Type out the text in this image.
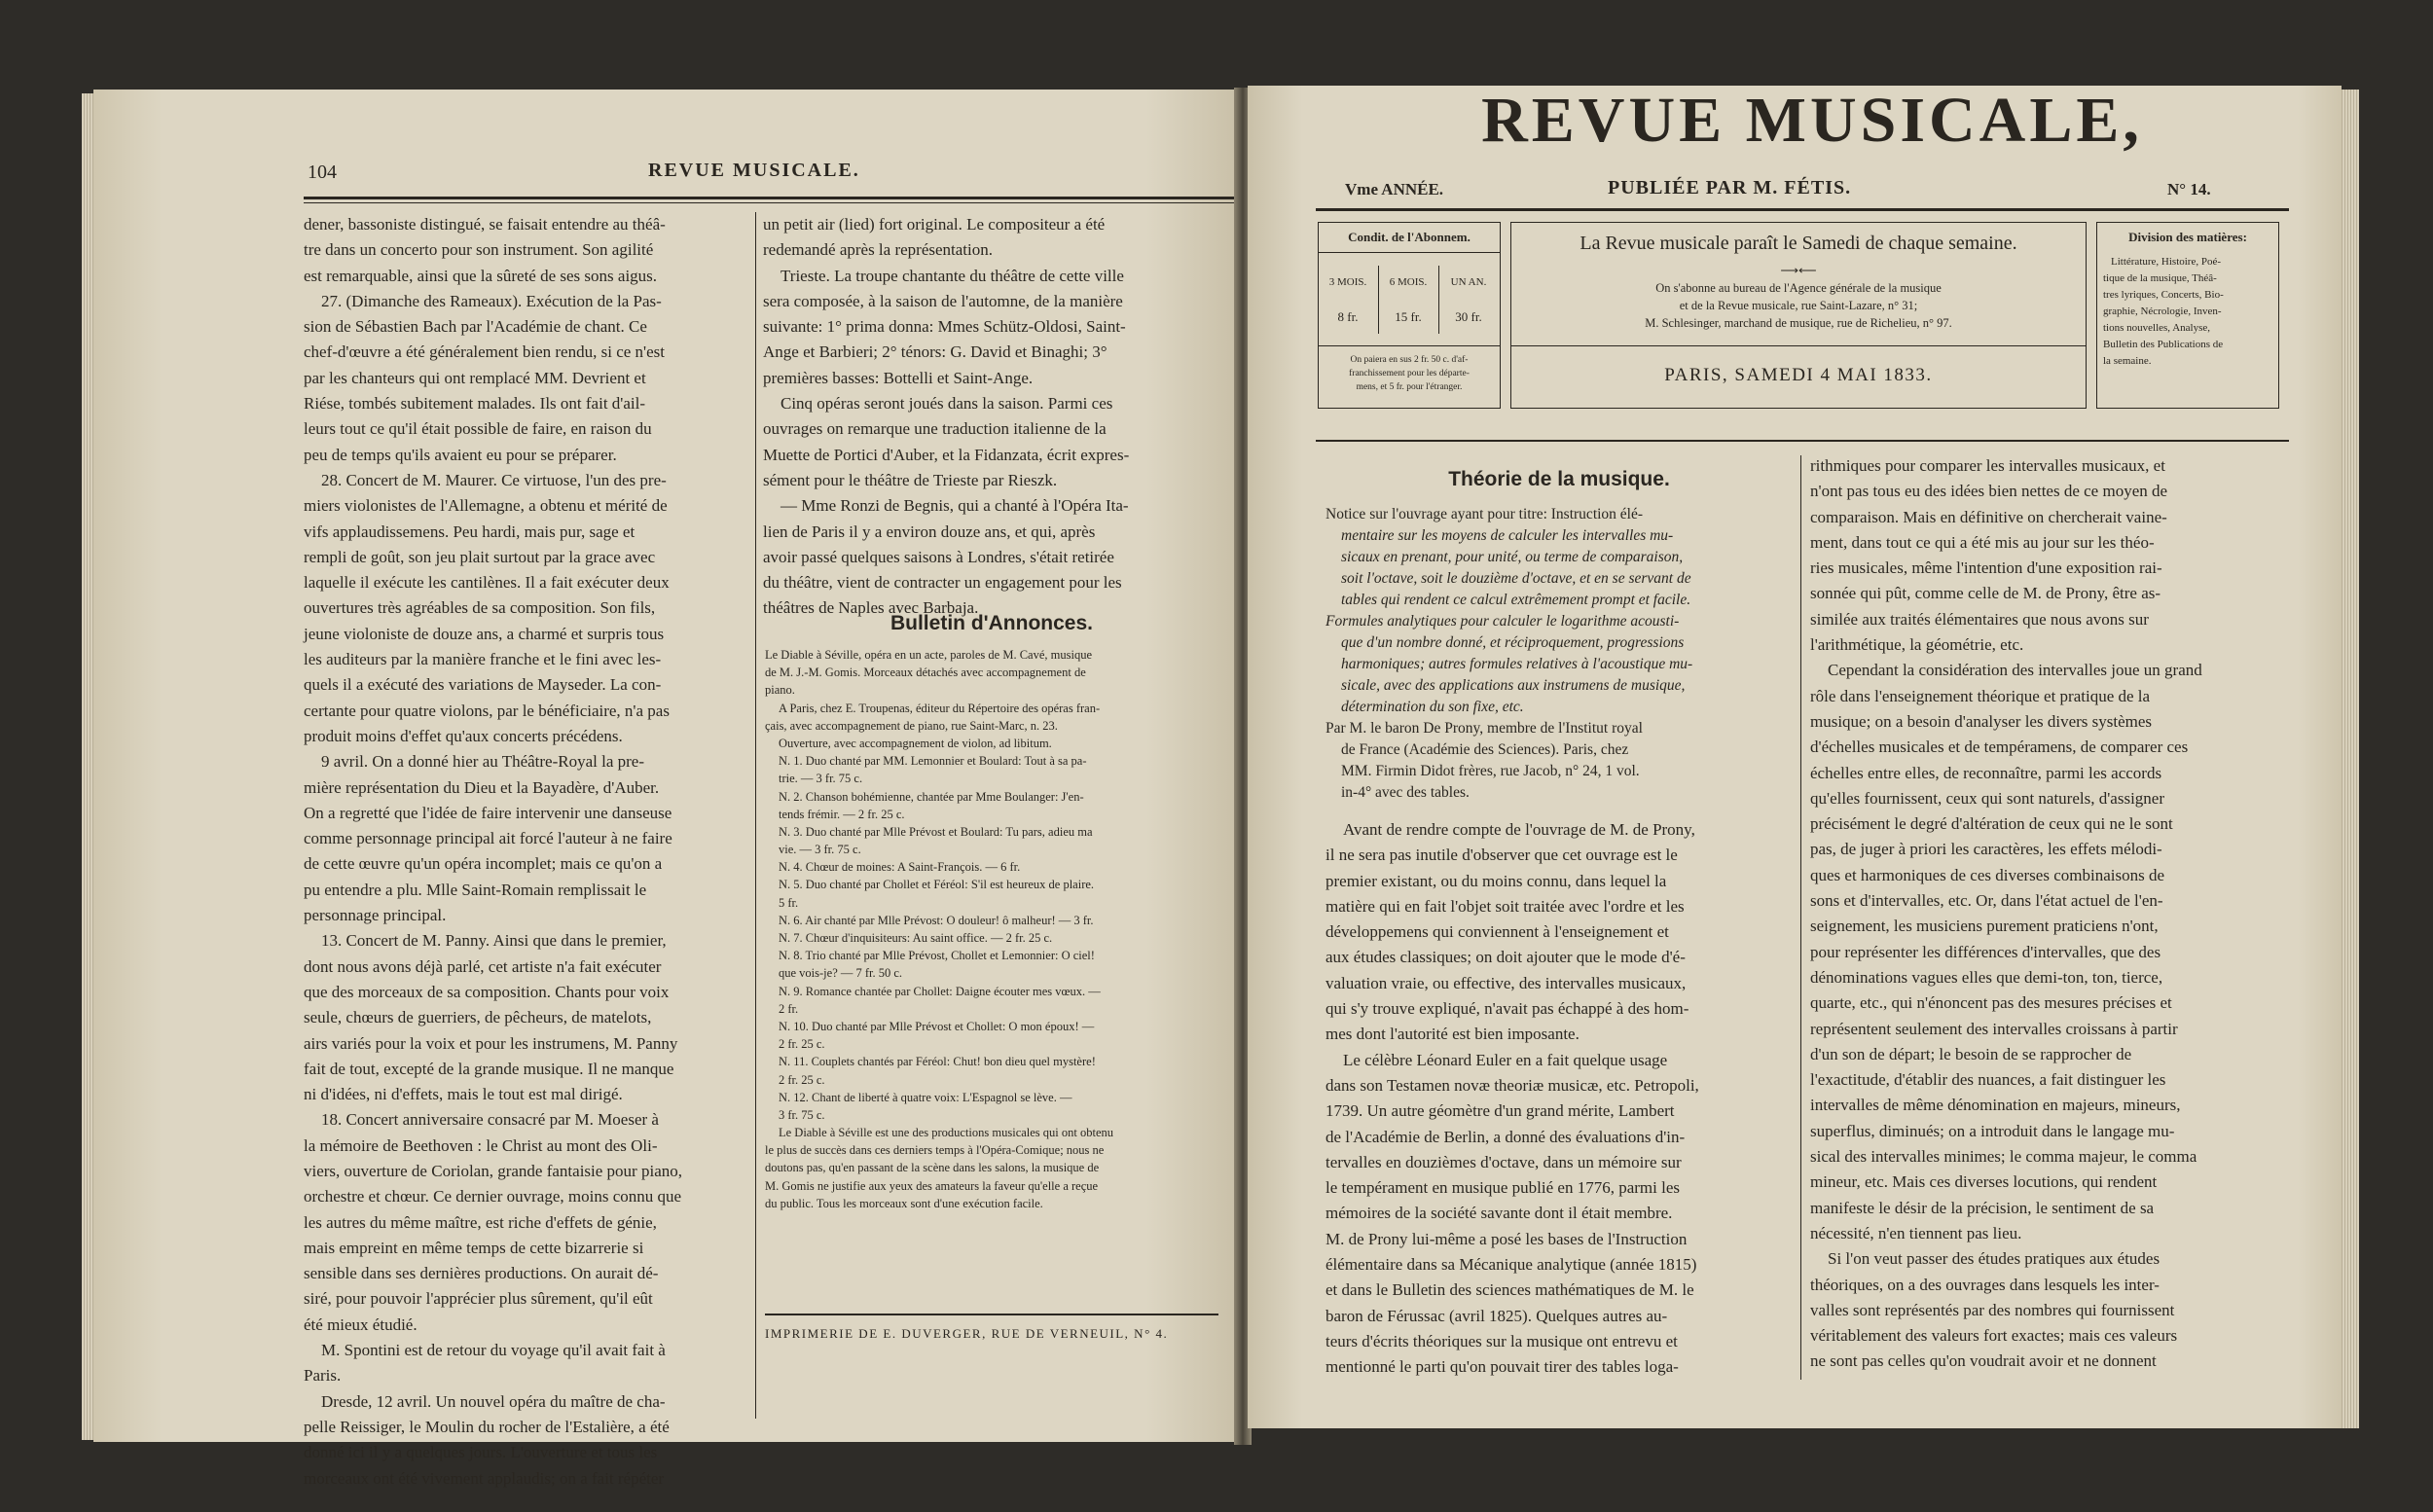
104	REVUE MUSICALE.
dener, bassoniste distingué, se faisait entendre au théâ-
tre dans un concerto pour son instrument. Son agilité
est remarquable, ainsi que la sûreté de ses sons aigus.
27. (Dimanche des Rameaux). Exécution de la Pas-
sion de Sébastien Bach par l'Académie de chant. Ce
chef-d'œuvre a été généralement bien rendu, si ce n'est
par les chanteurs qui ont remplacé MM. Devrient et
Riése, tombés subitement malades. Ils ont fait d'ail-
leurs tout ce qu'il était possible de faire, en raison du
peu de temps qu'ils avaient eu pour se préparer.
28. Concert de M. Maurer. Ce virtuose, l'un des pre-
miers violonistes de l'Allemagne, a obtenu et mérité de
vifs applaudissemens. Peu hardi, mais pur, sage et
rempli de goût, son jeu plait surtout par la grace avec
laquelle il exécute les cantilènes. Il a fait exécuter deux
ouvertures très agréables de sa composition. Son fils,
jeune violoniste de douze ans, a charmé et surpris tous
les auditeurs par la manière franche et le fini avec les-
quels il a exécuté des variations de Mayseder. La con-
certante pour quatre violons, par le bénéficiaire, n'a pas
produit moins d'effet qu'aux concerts précédens.
9 avril. On a donné hier au Théâtre-Royal la pre-
mière représentation du Dieu et la Bayadère, d'Auber.
On a regretté que l'idée de faire intervenir une danseuse
comme personnage principal ait forcé l'auteur à ne faire
de cette œuvre qu'un opéra incomplet; mais ce qu'on a
pu entendre a plu. Mlle Saint-Romain remplissait le
personnage principal.
13. Concert de M. Panny. Ainsi que dans le premier,
dont nous avons déjà parlé, cet artiste n'a fait exécuter
que des morceaux de sa composition. Chants pour voix
seule, chœurs de guerriers, de pêcheurs, de matelots,
airs variés pour la voix et pour les instrumens, M. Panny
fait de tout, excepté de la grande musique. Il ne manque
ni d'idées, ni d'effets, mais le tout est mal dirigé.
18. Concert anniversaire consacré par M. Moeser à
la mémoire de Beethoven : le Christ au mont des Oli-
viers, ouverture de Coriolan, grande fantaisie pour piano,
orchestre et chœur. Ce dernier ouvrage, moins connu que
les autres du même maître, est riche d'effets de génie,
mais empreint en même temps de cette bizarrerie si
sensible dans ses dernières productions. On aurait dé-
siré, pour pouvoir l'apprécier plus sûrement, qu'il eût
été mieux étudié.
M. Spontini est de retour du voyage qu'il avait fait à
Paris.
Dresde, 12 avril. Un nouvel opéra du maître de cha-
pelle Reissiger, le Moulin du rocher de l'Estalière, a été
donné ici il y a quelques jours. L'ouverture et tous les
morceaux ont été vivement applaudis; on a fait répéter
un petit air (lied) fort original. Le compositeur a été
redemandé après la représentation.
Trieste. La troupe chantante du théâtre de cette ville
sera composée, à la saison de l'automne, de la manière
suivante: 1° prima donna: Mmes Schütz-Oldosi, Saint-
Ange et Barbieri; 2° ténors: G. David et Binaghi; 3°
premières basses: Bottelli et Saint-Ange.
Cinq opéras seront joués dans la saison. Parmi ces
ouvrages on remarque une traduction italienne de la
Muette de Portici d'Auber, et la Fidanzata, écrit expres-
sément pour le théâtre de Trieste par Rieszk.
— Mme Ronzi de Begnis, qui a chanté à l'Opéra Ita-
lien de Paris il y a environ douze ans, et qui, après
avoir passé quelques saisons à Londres, s'était retirée
du théâtre, vient de contracter un engagement pour les
théâtres de Naples avec Barbaja.
Bulletin d'Annonces.
Le Diable à Séville, opéra en un acte, paroles de M. Cavé, musique
de M. J.-M. Gomis. Morceaux détachés avec accompagnement de
piano.
A Paris, chez E. Troupenas, éditeur du Répertoire des opéras fran-
çais, avec accompagnement de piano, rue Saint-Marc, n. 23.
Ouverture, avec accompagnement de violon, ad libitum.
N. 1. Duo chanté par MM. Lemonnier et Boulard: Tout à sa pa-
trie. — 3 fr. 75 c.
N. 2. Chanson bohémienne, chantée par Mme Boulanger: J'en-
tends frémir. — 2 fr. 25 c.
N. 3. Duo chanté par Mlle Prévost et Boulard: Tu pars, adieu ma
vie. — 3 fr. 75 c.
N. 4. Chœur de moines: A Saint-François. — 6 fr.
N. 5. Duo chanté par Chollet et Féréol: S'il est heureux de plaire.
5 fr.
N. 6. Air chanté par Mlle Prévost: O douleur! ô malheur! — 3 fr.
N. 7. Chœur d'inquisiteurs: Au saint office. — 2 fr. 25 c.
N. 8. Trio chanté par Mlle Prévost, Chollet et Lemonnier: O ciel!
que vois-je? — 7 fr. 50 c.
N. 9. Romance chantée par Chollet: Daigne écouter mes vœux. —
2 fr.
N. 10. Duo chanté par Mlle Prévost et Chollet: O mon époux! —
2 fr. 25 c.
N. 11. Couplets chantés par Féréol: Chut! bon dieu quel mystère!
2 fr. 25 c.
N. 12. Chant de liberté à quatre voix: L'Espagnol se lève. —
3 fr. 75 c.
Le Diable à Séville est une des productions musicales qui ont obtenu
le plus de succès dans ces derniers temps à l'Opéra-Comique; nous ne
doutons pas, qu'en passant de la scène dans les salons, la musique de
M. Gomis ne justifie aux yeux des amateurs la faveur qu'elle a reçue
du public. Tous les morceaux sont d'une exécution facile.
IMPRIMERIE DE E. DUVERGER, RUE DE VERNEUIL, N° 4.
REVUE MUSICALE,
Vme ANNÉE.	PUBLIÉE PAR M. FÉTIS.	N° 14.
Condit. de l'Abonnem.
3 MOIS.	6 MOIS.	UN AN.
8 fr.	15 fr.	30 fr.
On paiera en sus 2 fr. 50 c. d'af-
franchissement pour les départe-
mens, et 5 fr. pour l'étranger.
La Revue musicale paraît le Samedi de chaque semaine.
⟶⟵
On s'abonne au bureau de l'Agence générale de la musique
et de la Revue musicale, rue Saint-Lazare, n° 31;
M. Schlesinger, marchand de musique, rue de Richelieu, n° 97.
PARIS, SAMEDI 4 MAI 1833.
Division des matières:
Littérature, Histoire, Poé-
tique de la musique, Théâ-
tres lyriques, Concerts, Bio-
graphie, Nécrologie, Inven-
tions nouvelles, Analyse,
Bulletin des Publications de
la semaine.
Théorie de la musique.
Notice sur l'ouvrage ayant pour titre: Instruction élé-
mentaire sur les moyens de calculer les intervalles mu-
sicaux en prenant, pour unité, ou terme de comparaison,
soit l'octave, soit le douzième d'octave, et en se servant de
tables qui rendent ce calcul extrêmement prompt et facile.
Formules analytiques pour calculer le logarithme acousti-
que d'un nombre donné, et réciproquement, progressions
harmoniques; autres formules relatives à l'acoustique mu-
sicale, avec des applications aux instrumens de musique,
détermination du son fixe, etc.
Par M. le baron De Prony, membre de l'Institut royal
de France (Académie des Sciences). Paris, chez
MM. Firmin Didot frères, rue Jacob, n° 24, 1 vol.
in-4° avec des tables.
Avant de rendre compte de l'ouvrage de M. de Prony,
il ne sera pas inutile d'observer que cet ouvrage est le
premier existant, ou du moins connu, dans lequel la
matière qui en fait l'objet soit traitée avec l'ordre et les
développemens qui conviennent à l'enseignement et
aux études classiques; on doit ajouter que le mode d'é-
valuation vraie, ou effective, des intervalles musicaux,
qui s'y trouve expliqué, n'avait pas échappé à des hom-
mes dont l'autorité est bien imposante.
Le célèbre Léonard Euler en a fait quelque usage
dans son Testamen novæ theoriæ musicæ, etc. Petropoli,
1739. Un autre géomètre d'un grand mérite, Lambert
de l'Académie de Berlin, a donné des évaluations d'in-
tervalles en douzièmes d'octave, dans un mémoire sur
le tempérament en musique publié en 1776, parmi les
mémoires de la société savante dont il était membre.
M. de Prony lui-même a posé les bases de l'Instruction
élémentaire dans sa Mécanique analytique (année 1815)
et dans le Bulletin des sciences mathématiques de M. le
baron de Férussac (avril 1825). Quelques autres au-
teurs d'écrits théoriques sur la musique ont entrevu et
mentionné le parti qu'on pouvait tirer des tables loga-
rithmiques pour comparer les intervalles musicaux, et
n'ont pas tous eu des idées bien nettes de ce moyen de
comparaison. Mais en définitive on chercherait vaine-
ment, dans tout ce qui a été mis au jour sur les théo-
ries musicales, même l'intention d'une exposition rai-
sonnée qui pût, comme celle de M. de Prony, être as-
similée aux traités élémentaires que nous avons sur
l'arithmétique, la géométrie, etc.
Cependant la considération des intervalles joue un grand
rôle dans l'enseignement théorique et pratique de la
musique; on a besoin d'analyser les divers systèmes
d'échelles musicales et de tempéramens, de comparer ces
échelles entre elles, de reconnaître, parmi les accords
qu'elles fournissent, ceux qui sont naturels, d'assigner
précisément le degré d'altération de ceux qui ne le sont
pas, de juger à priori les caractères, les effets mélodi-
ques et harmoniques de ces diverses combinaisons de
sons et d'intervalles, etc. Or, dans l'état actuel de l'en-
seignement, les musiciens purement praticiens n'ont,
pour représenter les différences d'intervalles, que des
dénominations vagues elles que demi-ton, ton, tierce,
quarte, etc., qui n'énoncent pas des mesures précises et
représentent seulement des intervalles croissans à partir
d'un son de départ; le besoin de se rapprocher de
l'exactitude, d'établir des nuances, a fait distinguer les
intervalles de même dénomination en majeurs, mineurs,
superflus, diminués; on a introduit dans le langage mu-
sical des intervalles minimes; le comma majeur, le comma
mineur, etc. Mais ces diverses locutions, qui rendent
manifeste le désir de la précision, le sentiment de sa
nécessité, n'en tiennent pas lieu.
Si l'on veut passer des études pratiques aux études
théoriques, on a des ouvrages dans lesquels les inter-
valles sont représentés par des nombres qui fournissent
véritablement des valeurs fort exactes; mais ces valeurs
ne sont pas celles qu'on voudrait avoir et ne donnent
